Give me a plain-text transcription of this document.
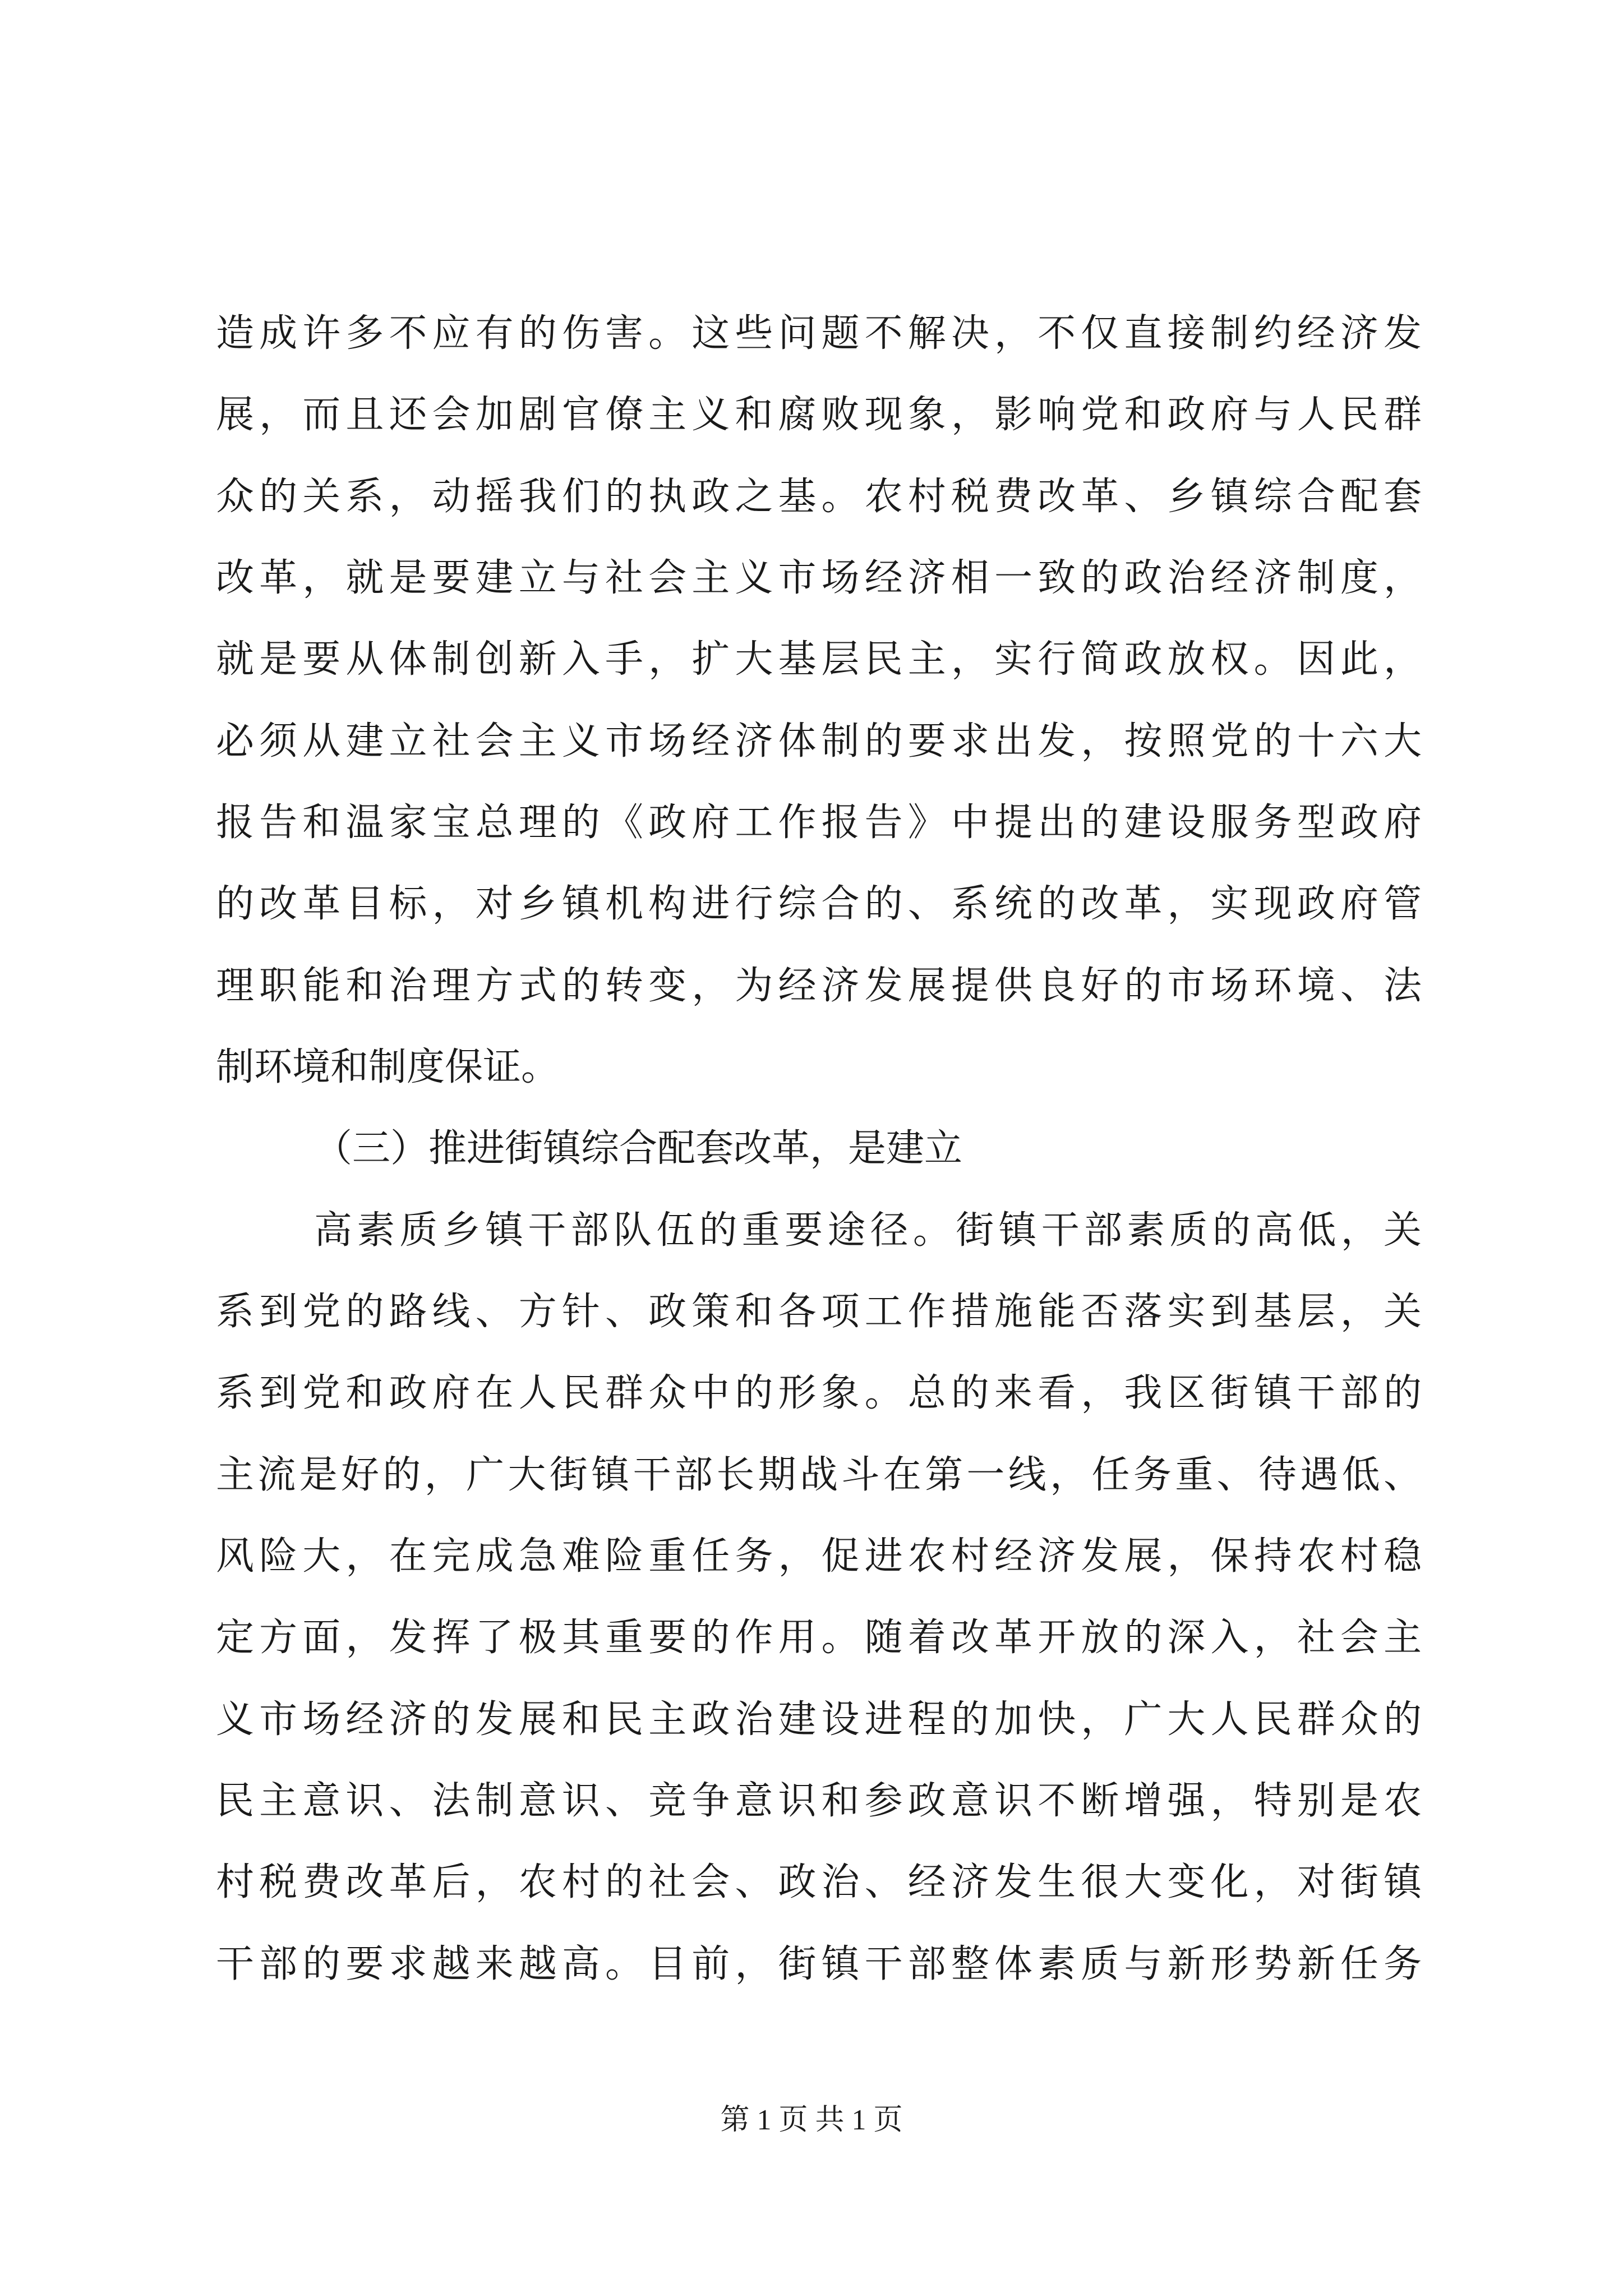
造成许多不应有的伤害。这些问题不解决，不仅直接制约经济发
展，而且还会加剧官僚主义和腐败现象，影响党和政府与人民群
众的关系，动摇我们的执政之基。农村税费改革、乡镇综合配套
改革，就是要建立与社会主义市场经济相一致的政治经济制度，
就是要从体制创新入手，扩大基层民主，实行简政放权。因此，
必须从建立社会主义市场经济体制的要求出发，按照党的十六大
报告和温家宝总理的《政府工作报告》中提出的建设服务型政府
的改革目标，对乡镇机构进行综合的、系统的改革，实现政府管
理职能和治理方式的转变，为经济发展提供良好的市场环境、法
制环境和制度保证。
（三）推进街镇综合配套改革，是建立
高素质乡镇干部队伍的重要途径。街镇干部素质的高低，关
系到党的路线、方针、政策和各项工作措施能否落实到基层，关
系到党和政府在人民群众中的形象。总的来看，我区街镇干部的
主流是好的，广大街镇干部长期战斗在第一线，任务重、待遇低、
风险大，在完成急难险重任务，促进农村经济发展，保持农村稳
定方面，发挥了极其重要的作用。随着改革开放的深入，社会主
义市场经济的发展和民主政治建设进程的加快，广大人民群众的
民主意识、法制意识、竞争意识和参政意识不断增强，特别是农
村税费改革后，农村的社会、政治、经济发生很大变化，对街镇
干部的要求越来越高。目前，街镇干部整体素质与新形势新任务
第 1 页 共 1 页
